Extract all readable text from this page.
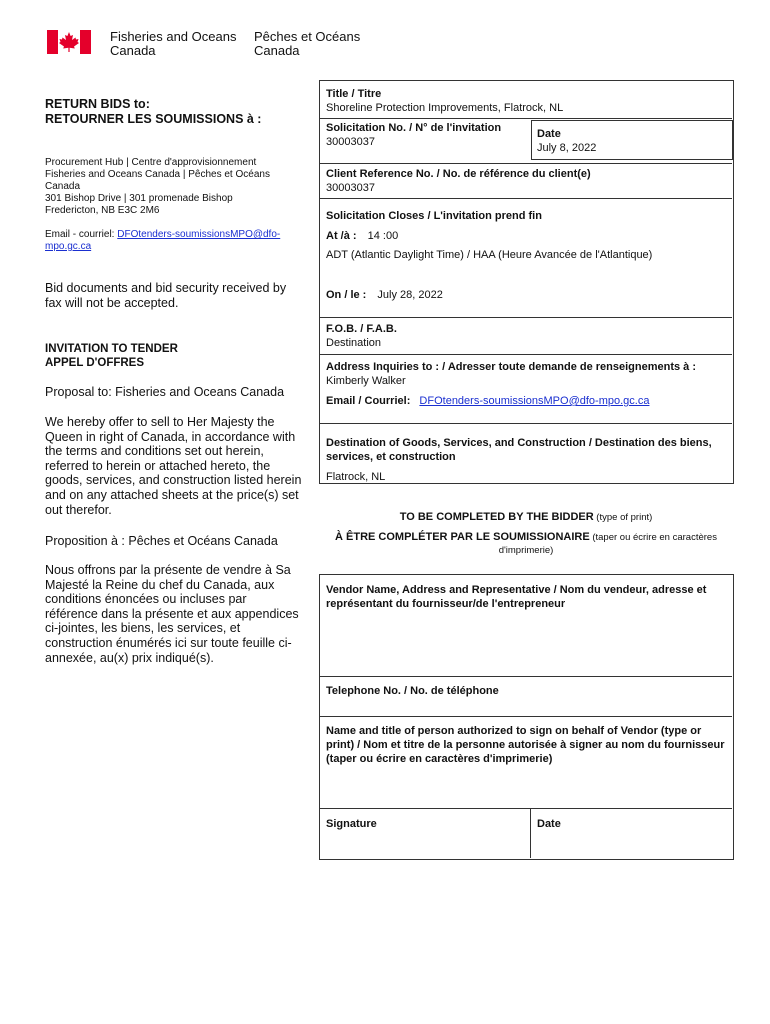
Fisheries and Oceans
Canada
Pêches et Océans
Canada
RETURN BIDS to:
RETOURNER LES SOUMISSIONS à :
Procurement Hub | Centre d'approvisionnement
Fisheries and Oceans Canada | Pêches et Océans
Canada
301 Bishop Drive | 301 promenade Bishop
Fredericton, NB E3C 2M6
Email - courriel: DFOtenders-soumissionsMPO@dfo-
mpo.gc.ca
Bid documents and bid security received by fax will not be accepted.
INVITATION TO TENDER
APPEL D'OFFRES
Proposal to: Fisheries and Oceans Canada
We hereby offer to sell to Her Majesty the Queen in right of Canada, in accordance with the terms and conditions set out herein, referred to herein or attached hereto, the goods, services, and construction listed herein and on any attached sheets at the price(s) set out therefor.
Proposition à : Pêches et Océans Canada
Nous offrons par la présente de vendre à Sa Majesté la Reine du chef du Canada, aux conditions énoncées ou incluses par référence dans la présente et aux appendices ci-jointes, les biens, les services, et construction énumérés ici sur toute feuille ci-annexée, au(x) prix indiqué(s).
Title / Titre
Shoreline Protection Improvements, Flatrock, NL
Solicitation No. / N° de l'invitation
30003037
Date
July 8, 2022
Client Reference No. / No. de référence du client(e)
30003037
Solicitation Closes / L'invitation prend fin
At /à : 14 :00
ADT (Atlantic Daylight Time) / HAA (Heure Avancée de l'Atlantique)
On / le : July 28, 2022
F.O.B. / F.A.B.
Destination
Address Inquiries to : / Adresser toute demande de renseignements à :
Kimberly Walker
Email / Courriel: DFOtenders-soumissionsMPO@dfo-mpo.gc.ca
Destination of Goods, Services, and Construction / Destination des biens, services, et construction
Flatrock, NL
TO BE COMPLETED BY THE BIDDER (type of print)
À ÊTRE COMPLÉTER PAR LE SOUMISSIONAIRE (taper ou écrire en caractères d'imprimerie)
Vendor Name, Address and Representative / Nom du vendeur, adresse et représentant du fournisseur/de l'entrepreneur
Telephone No. / No. de téléphone
Name and title of person authorized to sign on behalf of Vendor (type or print) / Nom et titre de la personne autorisée à signer au nom du fournisseur (taper ou écrire en caractères d'imprimerie)
Signature	Date
